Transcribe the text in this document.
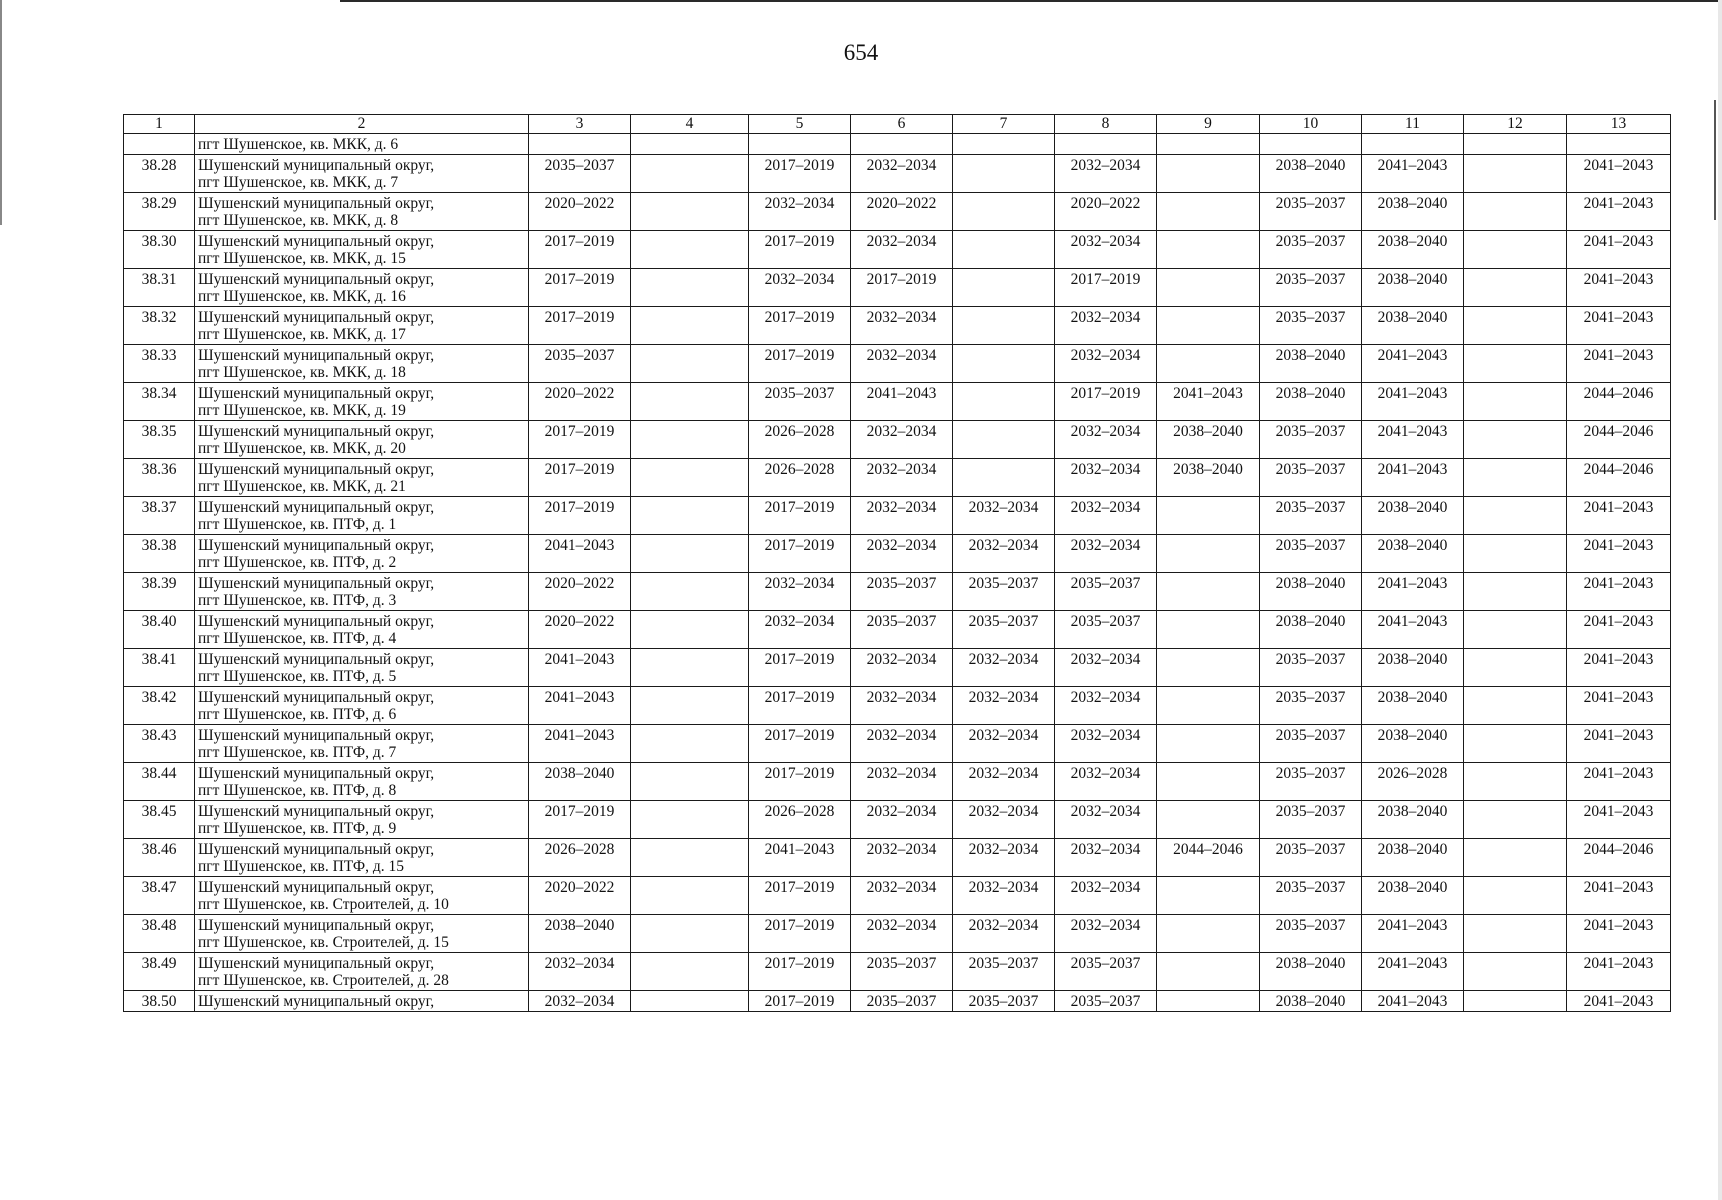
654
1	2	3	4	5	6	7	8	9	10	11	12	13
	пгт Шушенское, кв. МКК, д. 6											
38.28	Шушенский муниципальный округ,
пгт Шушенское, кв. МКК, д. 7	2035–2037		2017–2019	2032–2034		2032–2034		2038–2040	2041–2043		2041–2043
38.29	Шушенский муниципальный округ,
пгт Шушенское, кв. МКК, д. 8	2020–2022		2032–2034	2020–2022		2020–2022		2035–2037	2038–2040		2041–2043
38.30	Шушенский муниципальный округ,
пгт Шушенское, кв. МКК, д. 15	2017–2019		2017–2019	2032–2034		2032–2034		2035–2037	2038–2040		2041–2043
38.31	Шушенский муниципальный округ,
пгт Шушенское, кв. МКК, д. 16	2017–2019		2032–2034	2017–2019		2017–2019		2035–2037	2038–2040		2041–2043
38.32	Шушенский муниципальный округ,
пгт Шушенское, кв. МКК, д. 17	2017–2019		2017–2019	2032–2034		2032–2034		2035–2037	2038–2040		2041–2043
38.33	Шушенский муниципальный округ,
пгт Шушенское, кв. МКК, д. 18	2035–2037		2017–2019	2032–2034		2032–2034		2038–2040	2041–2043		2041–2043
38.34	Шушенский муниципальный округ,
пгт Шушенское, кв. МКК, д. 19	2020–2022		2035–2037	2041–2043		2017–2019	2041–2043	2038–2040	2041–2043		2044–2046
38.35	Шушенский муниципальный округ,
пгт Шушенское, кв. МКК, д. 20	2017–2019		2026–2028	2032–2034		2032–2034	2038–2040	2035–2037	2041–2043		2044–2046
38.36	Шушенский муниципальный округ,
пгт Шушенское, кв. МКК, д. 21	2017–2019		2026–2028	2032–2034		2032–2034	2038–2040	2035–2037	2041–2043		2044–2046
38.37	Шушенский муниципальный округ,
пгт Шушенское, кв. ПТФ, д. 1	2017–2019		2017–2019	2032–2034	2032–2034	2032–2034		2035–2037	2038–2040		2041–2043
38.38	Шушенский муниципальный округ,
пгт Шушенское, кв. ПТФ, д. 2	2041–2043		2017–2019	2032–2034	2032–2034	2032–2034		2035–2037	2038–2040		2041–2043
38.39	Шушенский муниципальный округ,
пгт Шушенское, кв. ПТФ, д. 3	2020–2022		2032–2034	2035–2037	2035–2037	2035–2037		2038–2040	2041–2043		2041–2043
38.40	Шушенский муниципальный округ,
пгт Шушенское, кв. ПТФ, д. 4	2020–2022		2032–2034	2035–2037	2035–2037	2035–2037		2038–2040	2041–2043		2041–2043
38.41	Шушенский муниципальный округ,
пгт Шушенское, кв. ПТФ, д. 5	2041–2043		2017–2019	2032–2034	2032–2034	2032–2034		2035–2037	2038–2040		2041–2043
38.42	Шушенский муниципальный округ,
пгт Шушенское, кв. ПТФ, д. 6	2041–2043		2017–2019	2032–2034	2032–2034	2032–2034		2035–2037	2038–2040		2041–2043
38.43	Шушенский муниципальный округ,
пгт Шушенское, кв. ПТФ, д. 7	2041–2043		2017–2019	2032–2034	2032–2034	2032–2034		2035–2037	2038–2040		2041–2043
38.44	Шушенский муниципальный округ,
пгт Шушенское, кв. ПТФ, д. 8	2038–2040		2017–2019	2032–2034	2032–2034	2032–2034		2035–2037	2026–2028		2041–2043
38.45	Шушенский муниципальный округ,
пгт Шушенское, кв. ПТФ, д. 9	2017–2019		2026–2028	2032–2034	2032–2034	2032–2034		2035–2037	2038–2040		2041–2043
38.46	Шушенский муниципальный округ,
пгт Шушенское, кв. ПТФ, д. 15	2026–2028		2041–2043	2032–2034	2032–2034	2032–2034	2044–2046	2035–2037	2038–2040		2044–2046
38.47	Шушенский муниципальный округ,
пгт Шушенское, кв. Строителей, д. 10	2020–2022		2017–2019	2032–2034	2032–2034	2032–2034		2035–2037	2038–2040		2041–2043
38.48	Шушенский муниципальный округ,
пгт Шушенское, кв. Строителей, д. 15	2038–2040		2017–2019	2032–2034	2032–2034	2032–2034		2035–2037	2041–2043		2041–2043
38.49	Шушенский муниципальный округ,
пгт Шушенское, кв. Строителей, д. 28	2032–2034		2017–2019	2035–2037	2035–2037	2035–2037		2038–2040	2041–2043		2041–2043
38.50	Шушенский муниципальный округ,	2032–2034		2017–2019	2035–2037	2035–2037	2035–2037		2038–2040	2041–2043		2041–2043
